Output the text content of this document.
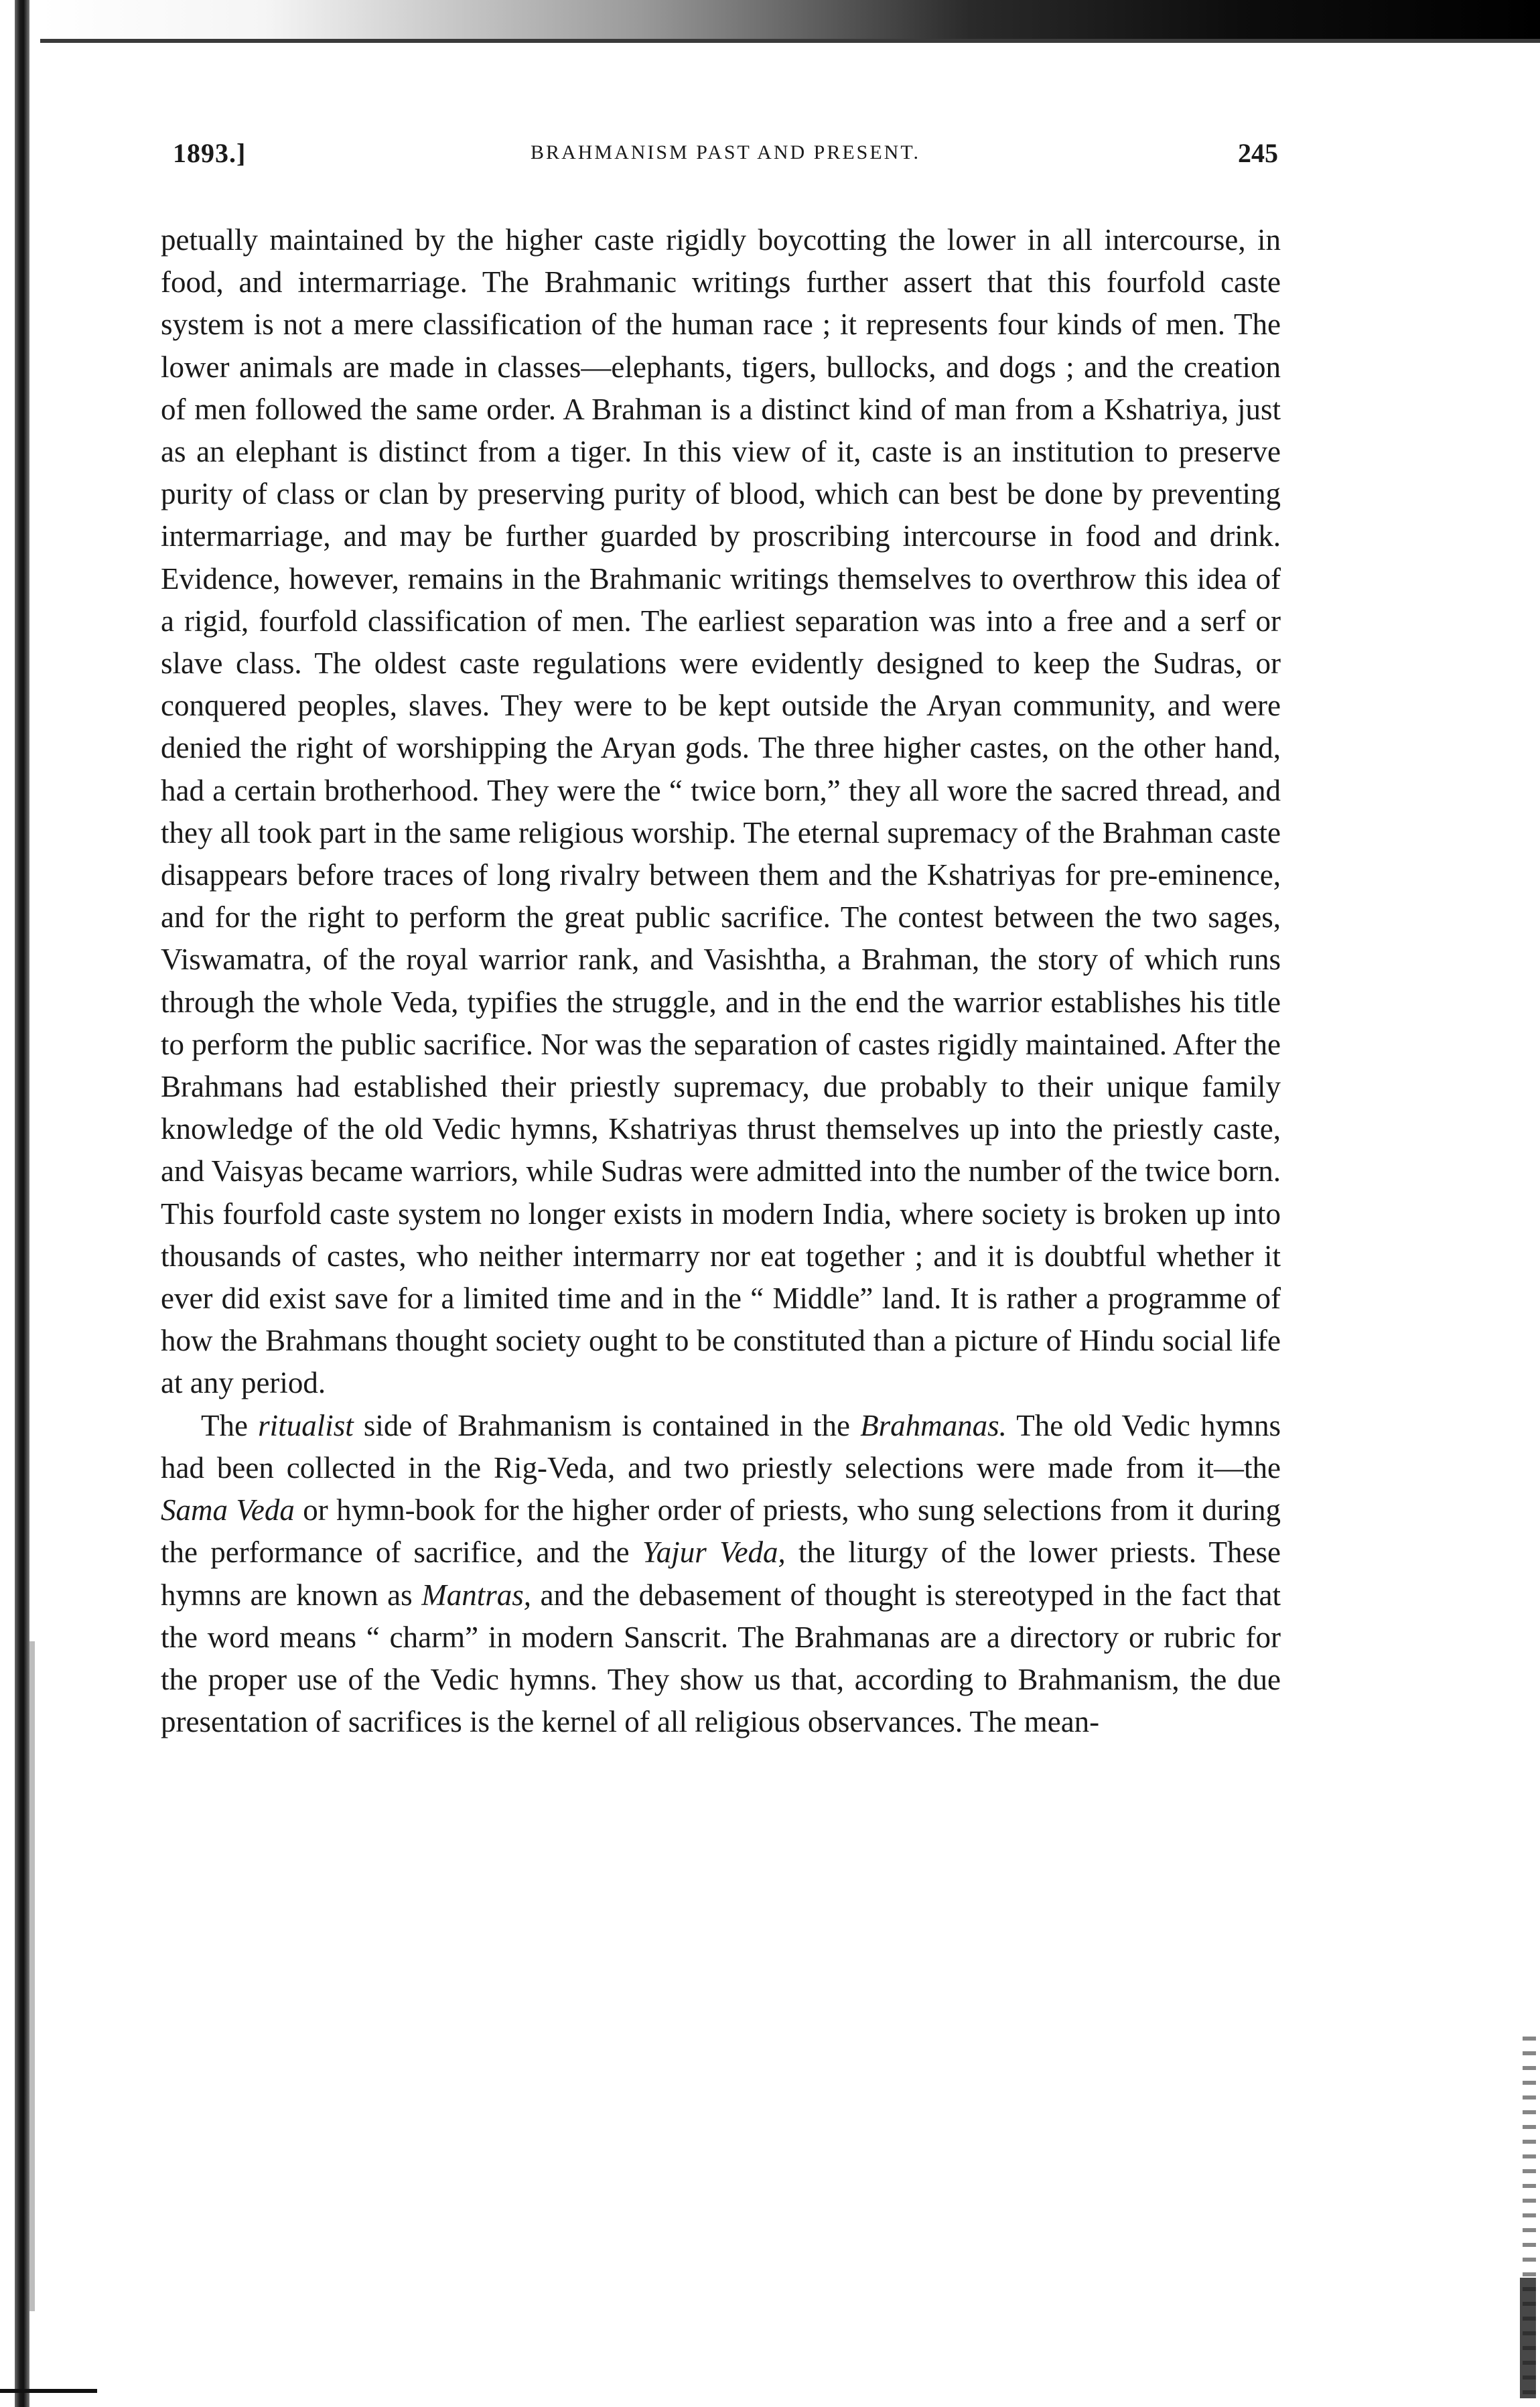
1893.]	BRAHMANISM PAST AND PRESENT.	245

petually maintained by the higher caste rigidly boycotting the lower in all intercourse, in food, and intermarriage. The Brahmanic writings further assert that this fourfold caste system is not a mere classification of the human race ; it represents four kinds of men. The lower animals are made in classes—elephants, tigers, bullocks, and dogs ; and the creation of men followed the same order. A Brahman is a distinct kind of man from a Kshatriya, just as an elephant is distinct from a tiger. In this view of it, caste is an institution to preserve purity of class or clan by preserving purity of blood, which can best be done by preventing intermarriage, and may be further guarded by proscribing intercourse in food and drink. Evidence, however, remains in the Brahmanic writings themselves to overthrow this idea of a rigid, fourfold classification of men. The earliest separation was into a free and a serf or slave class. The oldest caste regulations were evidently designed to keep the Sudras, or conquered peoples, slaves. They were to be kept outside the Aryan community, and were denied the right of worshipping the Aryan gods. The three higher castes, on the other hand, had a certain brotherhood. They were the “ twice born,” they all wore the sacred thread, and they all took part in the same religious worship. The eternal supremacy of the Brahman caste disappears before traces of long rivalry between them and the Kshatriyas for pre-eminence, and for the right to perform the great public sacrifice. The contest between the two sages, Viswamatra, of the royal warrior rank, and Vasishtha, a Brahman, the story of which runs through the whole Veda, typifies the struggle, and in the end the warrior establishes his title to perform the public sacrifice. Nor was the separation of castes rigidly maintained. After the Brahmans had established their priestly supremacy, due probably to their unique family knowledge of the old Vedic hymns, Kshatriyas thrust themselves up into the priestly caste, and Vaisyas became warriors, while Sudras were admitted into the number of the twice born. This fourfold caste system no longer exists in modern India, where society is broken up into thousands of castes, who neither intermarry nor eat together ; and it is doubtful whether it ever did exist save for a limited time and in the “ Middle” land. It is rather a programme of how the Brahmans thought society ought to be constituted than a picture of Hindu social life at any period.

The ritualist side of Brahmanism is contained in the Brahmanas. The old Vedic hymns had been collected in the Rig-Veda, and two priestly selections were made from it—the Sama Veda or hymn-book for the higher order of priests, who sung selections from it during the performance of sacrifice, and the Yajur Veda, the liturgy of the lower priests. These hymns are known as Mantras, and the debasement of thought is stereotyped in the fact that the word means “ charm” in modern Sanscrit. The Brahmanas are a directory or rubric for the proper use of the Vedic hymns. They show us that, according to Brahmanism, the due presentation of sacrifices is the kernel of all religious observances. The mean-
